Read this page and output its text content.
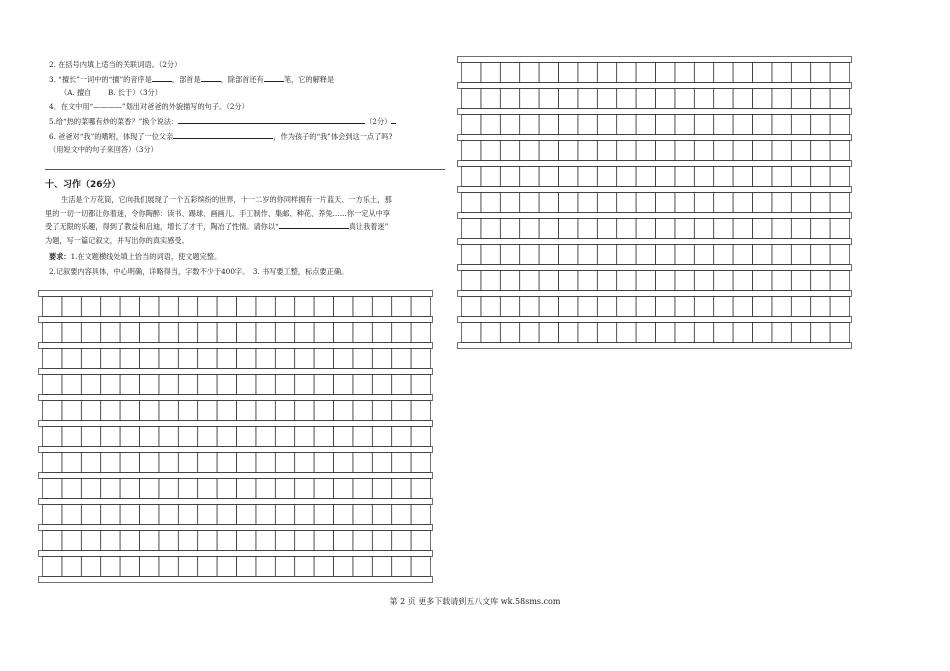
2. 在括号内填上适当的关联词语。（2分）
3. “擅长”一词中的“擅”的音序是	，部首是	，除部首还有	笔，它的解释是
（A. 擅自　　 B. 长于）（3分）
4．在文中用“————”划出对爸爸的外貌描写的句子。（2分）
5.给“热的菜哪有炒的菜香？”换个说法：	（2分）
6. 爸爸对“我”的嗜咐，体现了一位父亲	，作为孩子的“我”体会到这一点了吗?
（用短文中的句子来回答）（3分）
十、习作（26分）
生活是个万花筒，它向我们展现了一个五彩缤纷的世界，十一二岁的你同样拥有一片蓝天、一方乐土，那
里的一切一切都让你着迷，令你陶醉：读书、踢球、画画儿、手工制作、集邮、种花、养兔……你一定从中享
受了无限的乐趣，得到了教益和启迪，增长了才干，陶冶了性情。请你以“	真让我着迷”
为题，写一篇记叙文，并写出你的真实感受。
要求：1.在文题横线处填上恰当的词语，使文题完整。
2.记叙要内容具体，中心明确，详略得当，字数不少于400字。　3. 书写要工整，标点要正确。
第 2 页 更多下载请到五八文库 wk.58sms.com
